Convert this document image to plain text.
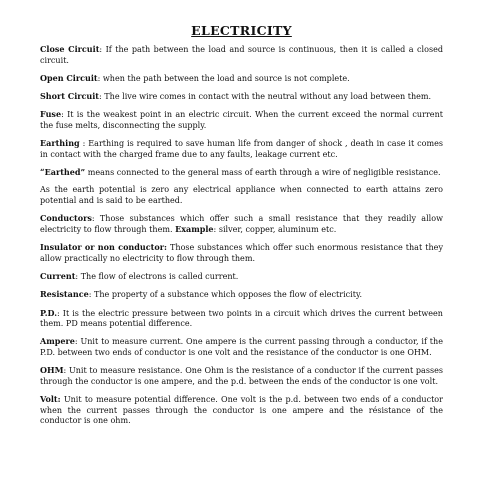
ELECTRICITY

Close Circuit: If the path between the load and source is continuous, then it is called a closed circuit.

Open Circuit: when the path between the load and source is not complete.

Short Circuit: The live wire comes in contact with the neutral without any load between them.

Fuse: It is the weakest point in an electric circuit. When the current exceed the normal current the fuse melts, disconnecting the supply.

Earthing : Earthing is required to save human life from danger of shock , death in case it comes in contact with the charged frame due to any faults, leakage current etc.

“Earthed” means connected to the general mass of earth through a wire of negligible resistance.

As the earth potential is zero any electrical appliance when connected to earth attains zero potential and is said to be earthed.

Conductors: Those substances which offer such a small resistance that they readily allow electricity to flow through them. Example: silver, copper, aluminum etc.

Insulator or non conductor: Those substances which offer such enormous resistance that they allow practically no electricity to flow through them.

Current: The flow of electrons is called current.

Resistance: The property of a substance which opposes the flow of electricity.

P.D.: It is the electric pressure between two points in a circuit which drives the current between them. PD means potential difference.

Ampere: Unit to measure current. One ampere is the current passing through a conductor, if the P.D. between two ends of conductor is one volt and the resistance of the conductor is one OHM.

OHM: Unit to measure resistance. One Ohm is the resistance of a conductor if the current passes through the conductor is one ampere, and the p.d. between the ends of the conductor is one volt.

Volt: Unit to measure potential difference. One volt is the p.d. between two ends of a conductor when the current passes through the conductor is one ampere and the résistance of the conductor is one ohm.
